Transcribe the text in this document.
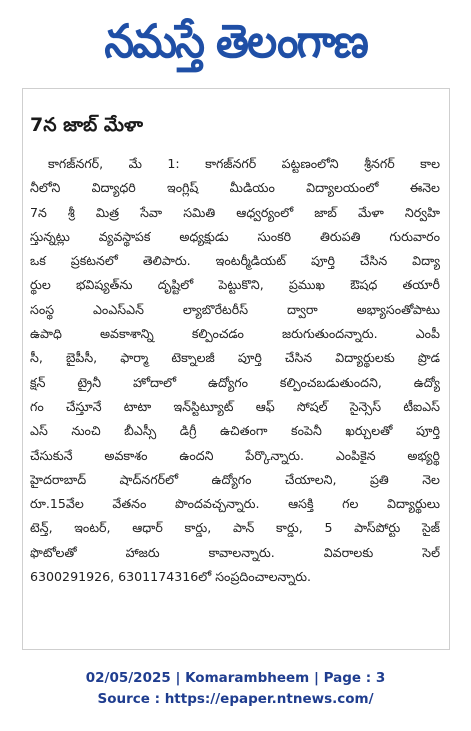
నమస్తే తెలంగాణ
7న జాబ్ మేళా
కాగజ్‌నగర్, మే 1: కాగజ్‌నగర్ పట్టణంలోని శ్రీనగర్ కాల
నీలోని విద్యాధరి ఇంగ్లిష్ మీడియం విద్యాలయంలో ఈనెల
7న శ్రీ మిత్ర సేవా సమితి ఆధ్వర్యంలో జాబ్ మేళా నిర్వహి
స్తున్నట్లు వ్యవస్థాపక అధ్యక్షుడు సుంకరి తిరుపతి గురువారం
ఒక ప్రకటనలో తెలిపారు. ఇంటర్మీడియట్ పూర్తి చేసిన విద్యా
ర్థుల భవిష్యత్‌ను దృష్టిలో పెట్టుకొని, ప్రముఖ ఔషధ తయారీ
సంస్థ ఎంఎస్‌ఎన్ ల్యాబొరేటరీస్ ద్వారా అభ్యాసంతోపాటు
ఉపాధి అవకాశాన్ని కల్పించడం జరుగుతుందన్నారు. ఎంపీ
సీ, బైపీసీ, ఫార్మా టెక్నాలజీ పూర్తి చేసిన విద్యార్థులకు ప్రొడ
క్షన్ ట్రైనీ హోదాలో ఉద్యోగం కల్పించబడుతుందని, ఉద్యో
గం చేస్తూనే టాటా ఇన్‌స్టిట్యూట్ ఆఫ్ సోషల్ సైన్సెస్ టీఐఎస్
ఎస్ నుంచి బీఎస్సీ డిగ్రీ ఉచితంగా కంపెనీ ఖర్చులతో పూర్తి
చేసుకునే అవకాశం ఉందని పేర్కొన్నారు. ఎంపికైన అభ్యర్థి
హైదరాబాద్ షాద్‌నగర్‌లో ఉద్యోగం చేయాలని, ప్రతి నెల
రూ.15వేల వేతనం పొందవచ్చన్నారు. ఆసక్తి గల విద్యార్థులు
టెన్త్, ఇంటర్, ఆధార్ కార్డు, పాన్ కార్డు, 5 పాస్‌పోర్టు సైజ్
ఫొటోలతో హాజరు కావాలన్నారు. వివరాలకు సెల్
6300291926, 6301174316లో సంప్రదించాలన్నారు.
02/05/2025 | Komarambheem | Page : 3
Source : https://epaper.ntnews.com/
